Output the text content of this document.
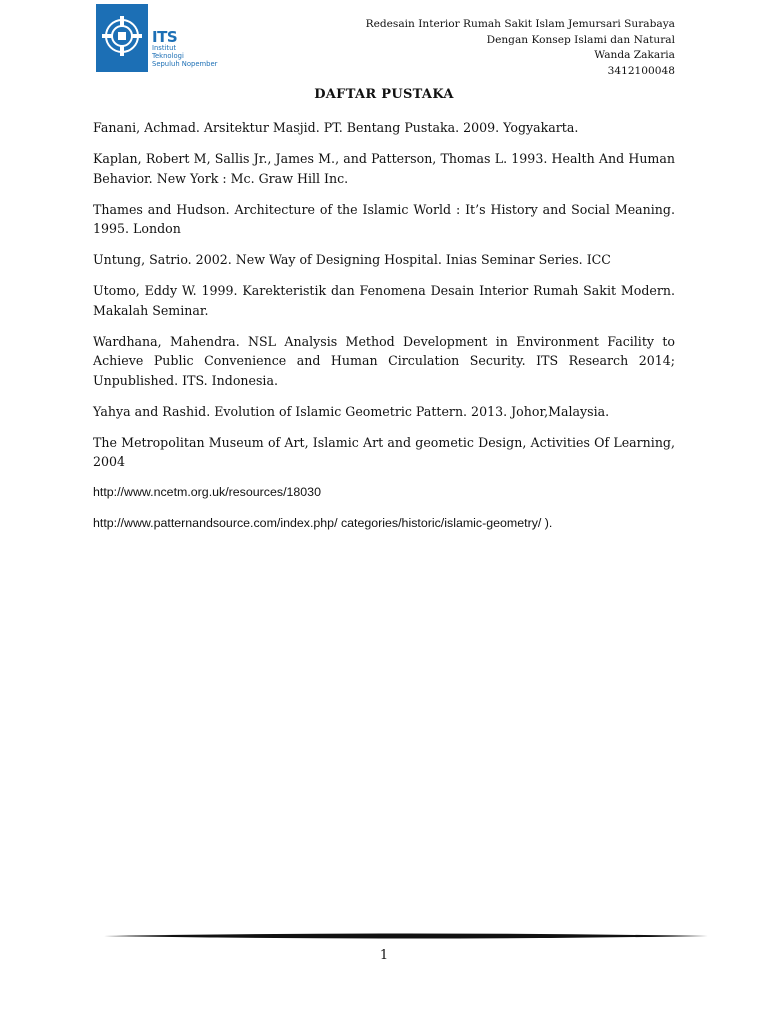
ITS
Institut
Teknologi
Sepuluh Nopember
Redesain Interior Rumah Sakit Islam Jemursari Surabaya
Dengan Konsep Islami dan Natural
Wanda Zakaria
3412100048
DAFTAR PUSTAKA

Fanani, Achmad. Arsitektur Masjid. PT. Bentang Pustaka. 2009. Yogyakarta.

Kaplan, Robert M, Sallis Jr., James M., and Patterson, Thomas L. 1993. Health And Human Behavior. New York : Mc. Graw Hill Inc.

Thames and Hudson. Architecture of the Islamic World : It’s History and Social Meaning. 1995. London

Untung, Satrio. 2002. New Way of Designing Hospital. Inias Seminar Series. ICC

Utomo, Eddy W. 1999. Karekteristik dan Fenomena Desain Interior Rumah Sakit Modern. Makalah Seminar.

Wardhana, Mahendra. NSL Analysis Method Development in Environment Facility to Achieve Public Convenience and Human Circulation Security. ITS Research 2014; Unpublished. ITS. Indonesia.

Yahya and Rashid. Evolution of Islamic Geometric Pattern. 2013. Johor,Malaysia.

The Metropolitan Museum of Art, Islamic Art and geometic Design, Activities Of Learning, 2004

http://www.ncetm.org.uk/resources/18030

http://www.patternandsource.com/index.php/ categories/historic/islamic-geometry/ ).

1
